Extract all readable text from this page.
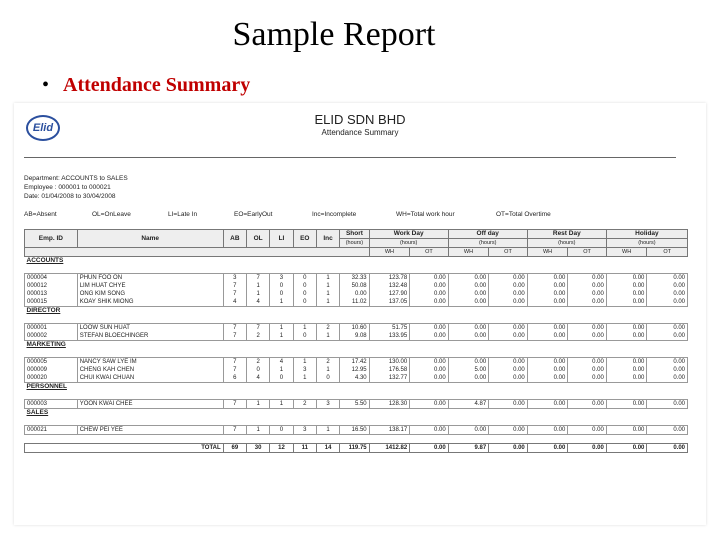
Sample Report
• Attendance Summary
Elid
ELID SDN BHD
Attendance Summary
Department: ACCOUNTS to SALES
Employee : 000001 to 000021
Date: 01/04/2008 to 30/04/2008
AB=Absent	OL=OnLeave	LI=Late In	EO=EarlyOut	Inc=Incomplete	WH=Total work hour	OT=Total Overtime
Emp. ID	Name	AB	OL	LI	EO	Inc	Short	Work Day		Off day		Rest Day		Holiday	
							(hours)	(hours)		(hours)		(hours)		(hours)	
								WH	OT	WH	OT	WH	OT	WH	OT
ACCOUNTS															

000004	PHUN FOO ON	3	7	3	0	1	32.33	123.78	0.00	0.00	0.00	0.00	0.00	0.00	0.00
000012	LIM HUAT CHYE	7	1	0	0	1	50.08	132.48	0.00	0.00	0.00	0.00	0.00	0.00	0.00
000013	ONG KIM SONG	7	1	0	0	1	0.00	127.90	0.00	0.00	0.00	0.00	0.00	0.00	0.00
000015	KOAY SHIK MIONG	4	4	1	0	1	11.02	137.05	0.00	0.00	0.00	0.00	0.00	0.00	0.00
DIRECTOR															

000001	LOOW SUN HUAT	7	7	1	1	2	10.60	51.75	0.00	0.00	0.00	0.00	0.00	0.00	0.00
000002	STEFAN BLOECHINGER	7	2	1	0	1	9.08	133.95	0.00	0.00	0.00	0.00	0.00	0.00	0.00
MARKETING															

000005	NANCY SAW LYE IM	7	2	4	1	2	17.42	130.00	0.00	0.00	0.00	0.00	0.00	0.00	0.00
000009	CHENG KAH CHEN	7	0	1	3	1	12.95	176.58	0.00	5.00	0.00	0.00	0.00	0.00	0.00
000020	CHUI KWAI CHUAN	6	4	0	1	0	4.30	132.77	0.00	0.00	0.00	0.00	0.00	0.00	0.00
PERSONNEL															

000003	YOON KWAI CHEE	7	1	1	2	3	5.50	128.30	0.00	4.87	0.00	0.00	0.00	0.00	0.00
SALES															

000021	CHEW PEI YEE	7	1	0	3	1	16.50	138.17	0.00	0.00	0.00	0.00	0.00	0.00	0.00

TOTAL		69	30	12	11	14	119.75	1412.82	0.00	9.87	0.00	0.00	0.00	0.00	0.00
